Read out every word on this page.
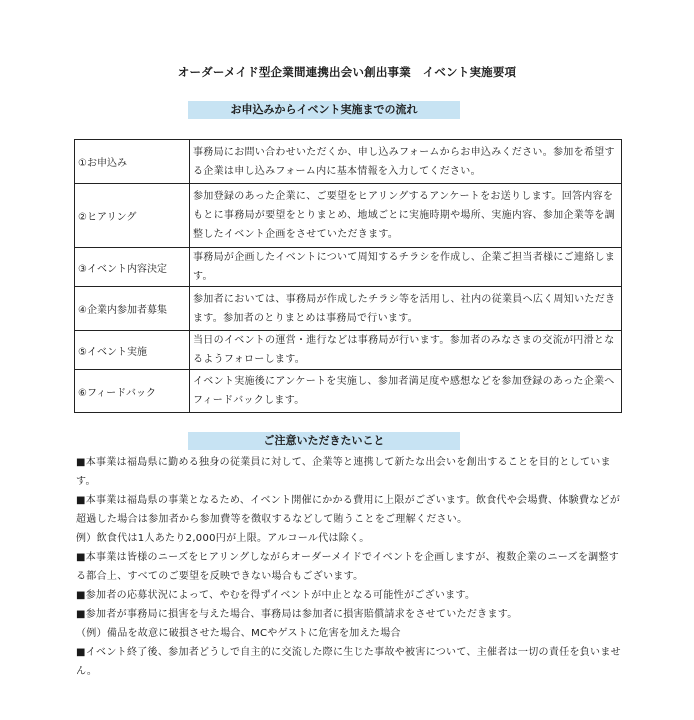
オーダーメイド型企業間連携出会い創出事業　イベント実施要項
お申込みからイベント実施までの流れ
①お申込み	事務局にお問い合わせいただくか、申し込みフォームからお申込みください。参加を希望する企業は申し込みフォーム内に基本情報を入力してください。
②ヒアリング	参加登録のあった企業に、ご要望をヒアリングするアンケートをお送りします。回答内容をもとに事務局が要望をとりまとめ、地域ごとに実施時期や場所、実施内容、参加企業等を調整したイベント企画をさせていただきます。
③イベント内容決定	事務局が企画したイベントについて周知するチラシを作成し、企業ご担当者様にご連絡します。
④企業内参加者募集	参加者においては、事務局が作成したチラシ等を活用し、社内の従業員へ広く周知いただきます。参加者のとりまとめは事務局で行います。
⑤イベント実施	当日のイベントの運営・進行などは事務局が行います。参加者のみなさまの交流が円滑となるようフォローします。
⑥フィードバック	イベント実施後にアンケートを実施し、参加者満足度や感想などを参加登録のあった企業へフィードバックします。
ご注意いただきたいこと

■本事業は福島県に勤める独身の従業員に対して、企業等と連携して新たな出会いを創出することを目的としています。

■本事業は福島県の事業となるため、イベント開催にかかる費用に上限がございます。飲食代や会場費、体験費などが超過した場合は参加者から参加費等を徴収するなどして賄うことをご理解ください。

例）飲食代は1人あたり2,000円が上限。アルコール代は除く。

■本事業は皆様のニーズをヒアリングしながらオーダーメイドでイベントを企画しますが、複数企業のニーズを調整する都合上、すべてのご要望を反映できない場合もございます。

■参加者の応募状況によって、やむを得ずイベントが中止となる可能性がございます。

■参加者が事務局に損害を与えた場合、事務局は参加者に損害賠償請求をさせていただきます。

（例）備品を故意に破損させた場合、MCやゲストに危害を加えた場合

■イベント終了後、参加者どうしで自主的に交流した際に生じた事故や被害について、主催者は一切の責任を負いません。
